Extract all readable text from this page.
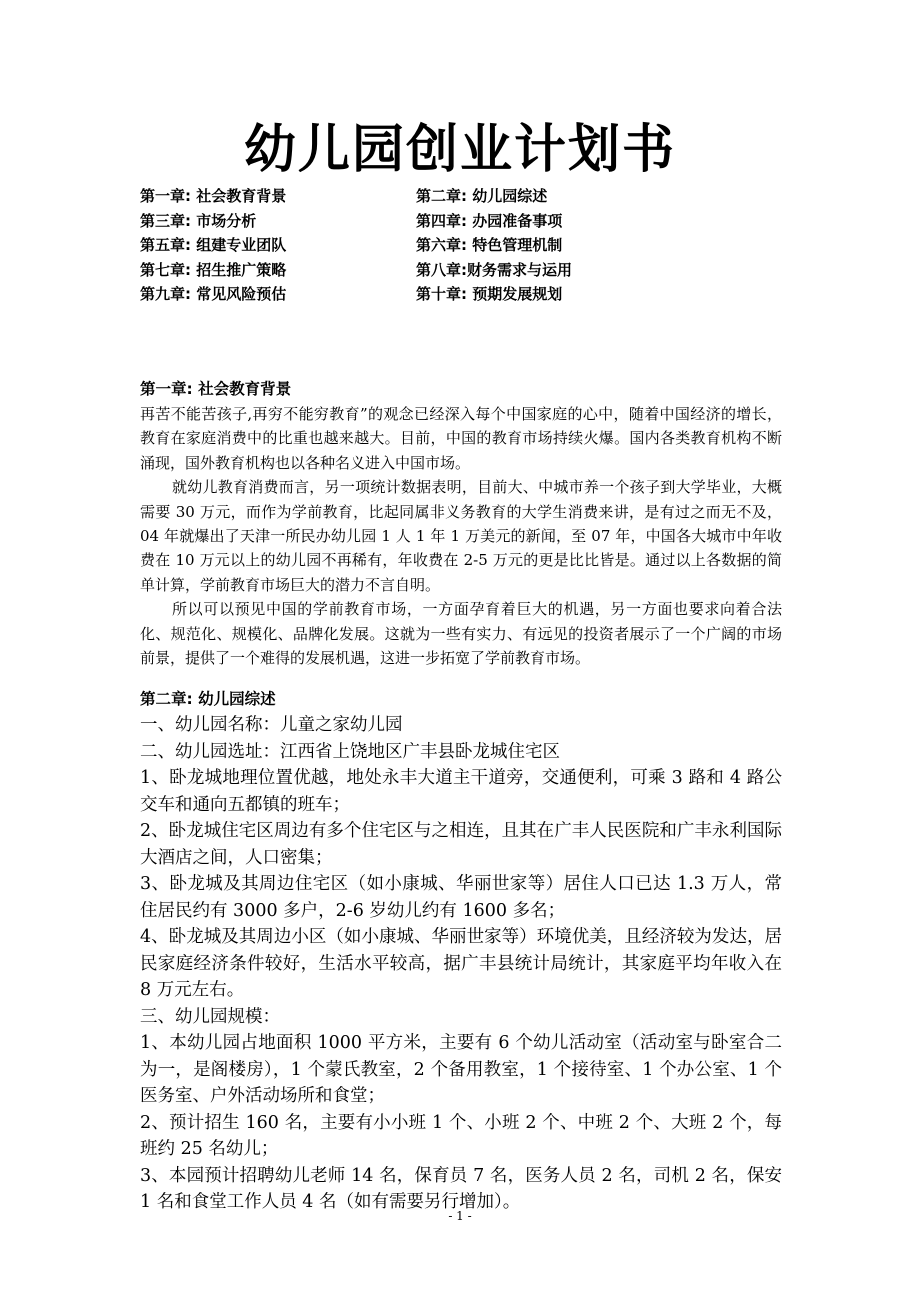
幼儿园创业计划书
第一章: 社会教育背景	第二章: 幼儿园综述
第三章: 市场分析	第四章: 办园准备事项
第五章: 组建专业团队	第六章: 特色管理机制
第七章: 招生推广策略	第八章:财务需求与运用
第九章: 常见风险预估	第十章: 预期发展规划
第一章: 社会教育背景

再苦不能苦孩子,再穷不能穷教育”的观念已经深入每个中国家庭的心中，随着中国经济的增长，教育在家庭消费中的比重也越来越大。目前，中国的教育市场持续火爆。国内各类教育机构不断涌现，国外教育机构也以各种名义进入中国市场。

就幼儿教育消费而言，另一项统计数据表明，目前大、中城市养一个孩子到大学毕业，大概需要 30 万元，而作为学前教育，比起同属非义务教育的大学生消费来讲，是有过之而无不及，04 年就爆出了天津一所民办幼儿园 1 人 1 年 1 万美元的新闻，至 07 年，中国各大城市中年收费在 10 万元以上的幼儿园不再稀有，年收费在 2-5 万元的更是比比皆是。通过以上各数据的简单计算，学前教育市场巨大的潜力不言自明。

所以可以预见中国的学前教育市场，一方面孕育着巨大的机遇，另一方面也要求向着合法化、规范化、规模化、品牌化发展。这就为一些有实力、有远见的投资者展示了一个广阔的市场前景，提供了一个难得的发展机遇，这进一步拓宽了学前教育市场。

第二章: 幼儿园综述

一、幼儿园名称：儿童之家幼儿园

二、幼儿园选址：江西省上饶地区广丰县卧龙城住宅区

1、卧龙城地理位置优越，地处永丰大道主干道旁，交通便利，可乘 3 路和 4 路公交车和通向五都镇的班车；

2、卧龙城住宅区周边有多个住宅区与之相连，且其在广丰人民医院和广丰永利国际大酒店之间，人口密集；

3、卧龙城及其周边住宅区（如小康城、华丽世家等）居住人口已达 1.3 万人，常住居民约有 3000 多户，2-6 岁幼儿约有 1600 多名；

4、卧龙城及其周边小区（如小康城、华丽世家等）环境优美，且经济较为发达，居民家庭经济条件较好，生活水平较高，据广丰县统计局统计，其家庭平均年收入在 8 万元左右。

三、幼儿园规模：

1、本幼儿园占地面积 1000 平方米，主要有 6 个幼儿活动室（活动室与卧室合二为一，是阁楼房），1 个蒙氏教室，2 个备用教室，1 个接待室、1 个办公室、1 个医务室、户外活动场所和食堂；

2、预计招生 160 名，主要有小小班 1 个、小班 2 个、中班 2 个、大班 2 个，每班约 25 名幼儿；

3、本园预计招聘幼儿老师 14 名，保育员 7 名，医务人员 2 名，司机 2 名，保安 1 名和食堂工作人员 4 名（如有需要另行增加）。

- 1 -
